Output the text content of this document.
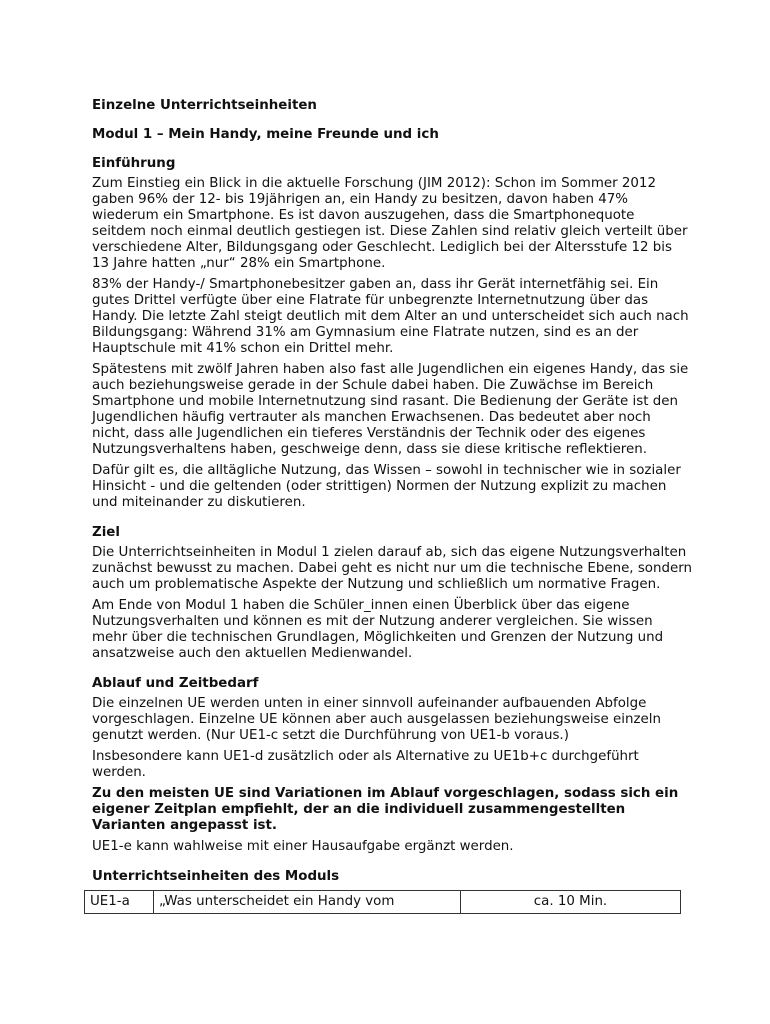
Einzelne Unterrichtseinheiten
Modul 1 – Mein Handy, meine Freunde und ich
Einführung

Zum Einstieg ein Blick in die aktuelle Forschung (JIM 2012): Schon im Sommer 2012 gaben 96% der 12- bis 19jährigen an, ein Handy zu besitzen, davon haben 47% wiederum ein Smartphone. Es ist davon auszugehen, dass die Smartphonequote seitdem noch einmal deutlich gestiegen ist. Diese Zahlen sind relativ gleich verteilt über verschiedene Alter, Bildungsgang oder Geschlecht. Lediglich bei der Altersstufe 12 bis 13 Jahre hatten „nur“ 28% ein Smartphone.

83% der Handy-/ Smartphonebesitzer gaben an, dass ihr Gerät internetfähig sei. Ein gutes Drittel verfügte über eine Flatrate für unbegrenzte Internetnutzung über das Handy. Die letzte Zahl steigt deutlich mit dem Alter an und unterscheidet sich auch nach Bildungsgang: Während 31% am Gymnasium eine Flatrate nutzen, sind es an der Hauptschule mit 41% schon ein Drittel mehr.

Spätestens mit zwölf Jahren haben also fast alle Jugendlichen ein eigenes Handy, das sie auch beziehungsweise gerade in der Schule dabei haben. Die Zuwächse im Bereich Smartphone und mobile Internetnutzung sind rasant. Die Bedienung der Geräte ist den Jugendlichen häufig vertrauter als manchen Erwachsenen. Das bedeutet aber noch nicht, dass alle Jugendlichen ein tieferes Verständnis der Technik oder des eigenes Nutzungsverhaltens haben, geschweige denn, dass sie diese kritische reflektieren.

Dafür gilt es, die alltägliche Nutzung, das Wissen – sowohl in technischer wie in sozialer Hinsicht - und die geltenden (oder strittigen) Normen der Nutzung explizit zu machen und miteinander zu diskutieren.

Ziel

Die Unterrichtseinheiten in Modul 1 zielen darauf ab, sich das eigene Nutzungsverhalten zunächst bewusst zu machen. Dabei geht es nicht nur um die technische Ebene, sondern auch um problematische Aspekte der Nutzung und schließlich um normative Fragen.

Am Ende von Modul 1 haben die Schüler_innen einen Überblick über das eigene Nutzungsverhalten und können es mit der Nutzung anderer vergleichen. Sie wissen mehr über die technischen Grundlagen, Möglichkeiten und Grenzen der Nutzung und ansatzweise auch den aktuellen Medienwandel.

Ablauf und Zeitbedarf

Die einzelnen UE werden unten in einer sinnvoll aufeinander aufbauenden Abfolge vorgeschlagen. Einzelne UE können aber auch ausgelassen beziehungsweise einzeln genutzt werden. (Nur UE1-c setzt die Durchführung von UE1-b voraus.)

Insbesondere kann UE1-d zusätzlich oder als Alternative zu UE1b+c durchgeführt werden.

Zu den meisten UE sind Variationen im Ablauf vorgeschlagen, sodass sich ein eigener Zeitplan empfiehlt, der an die individuell zusammengestellten Varianten angepasst ist.

UE1-e kann wahlweise mit einer Hausaufgabe ergänzt werden.

Unterrichtseinheiten des Moduls
UE1-a	„Was unterscheidet ein Handy vom	ca. 10 Min.
